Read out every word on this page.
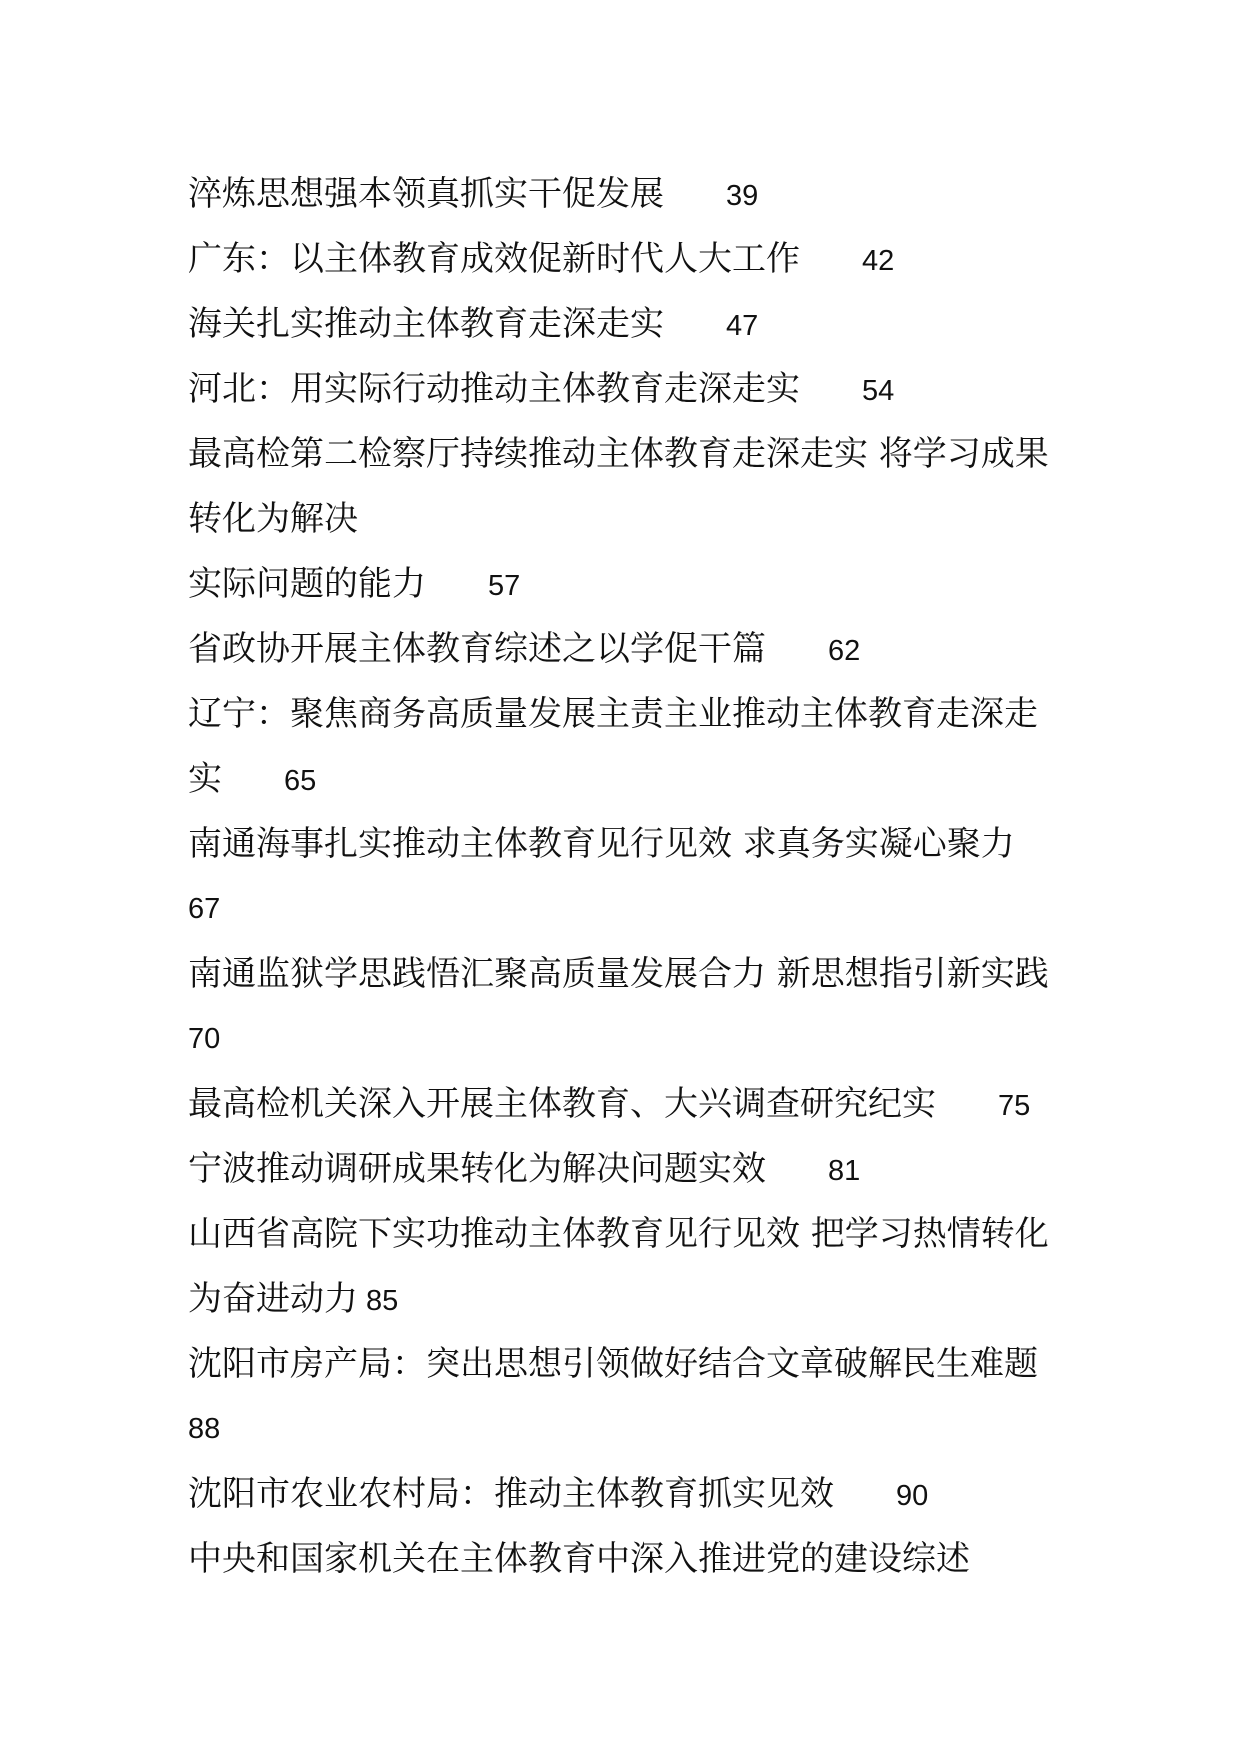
淬炼思想强本领真抓实干促发展 39
广东：以主体教育成效促新时代人大工作 42
海关扎实推动主体教育走深走实 47
河北：用实际行动推动主体教育走深走实 54
最高检第二检察厅持续推动主体教育走深走实 将学习成果
转化为解决
实际问题的能力 57
省政协开展主体教育综述之以学促干篇 62
辽宁：聚焦商务高质量发展主责主业推动主体教育走深走
实 65
南通海事扎实推动主体教育见行见效 求真务实凝心聚力
67
南通监狱学思践悟汇聚高质量发展合力 新思想指引新实践
70
最高检机关深入开展主体教育、大兴调查研究纪实 75
宁波推动调研成果转化为解决问题实效 81
山西省高院下实功推动主体教育见行见效 把学习热情转化
为奋进动力 85
沈阳市房产局：突出思想引领做好结合文章破解民生难题
88
沈阳市农业农村局：推动主体教育抓实见效 90
中央和国家机关在主体教育中深入推进党的建设综述
